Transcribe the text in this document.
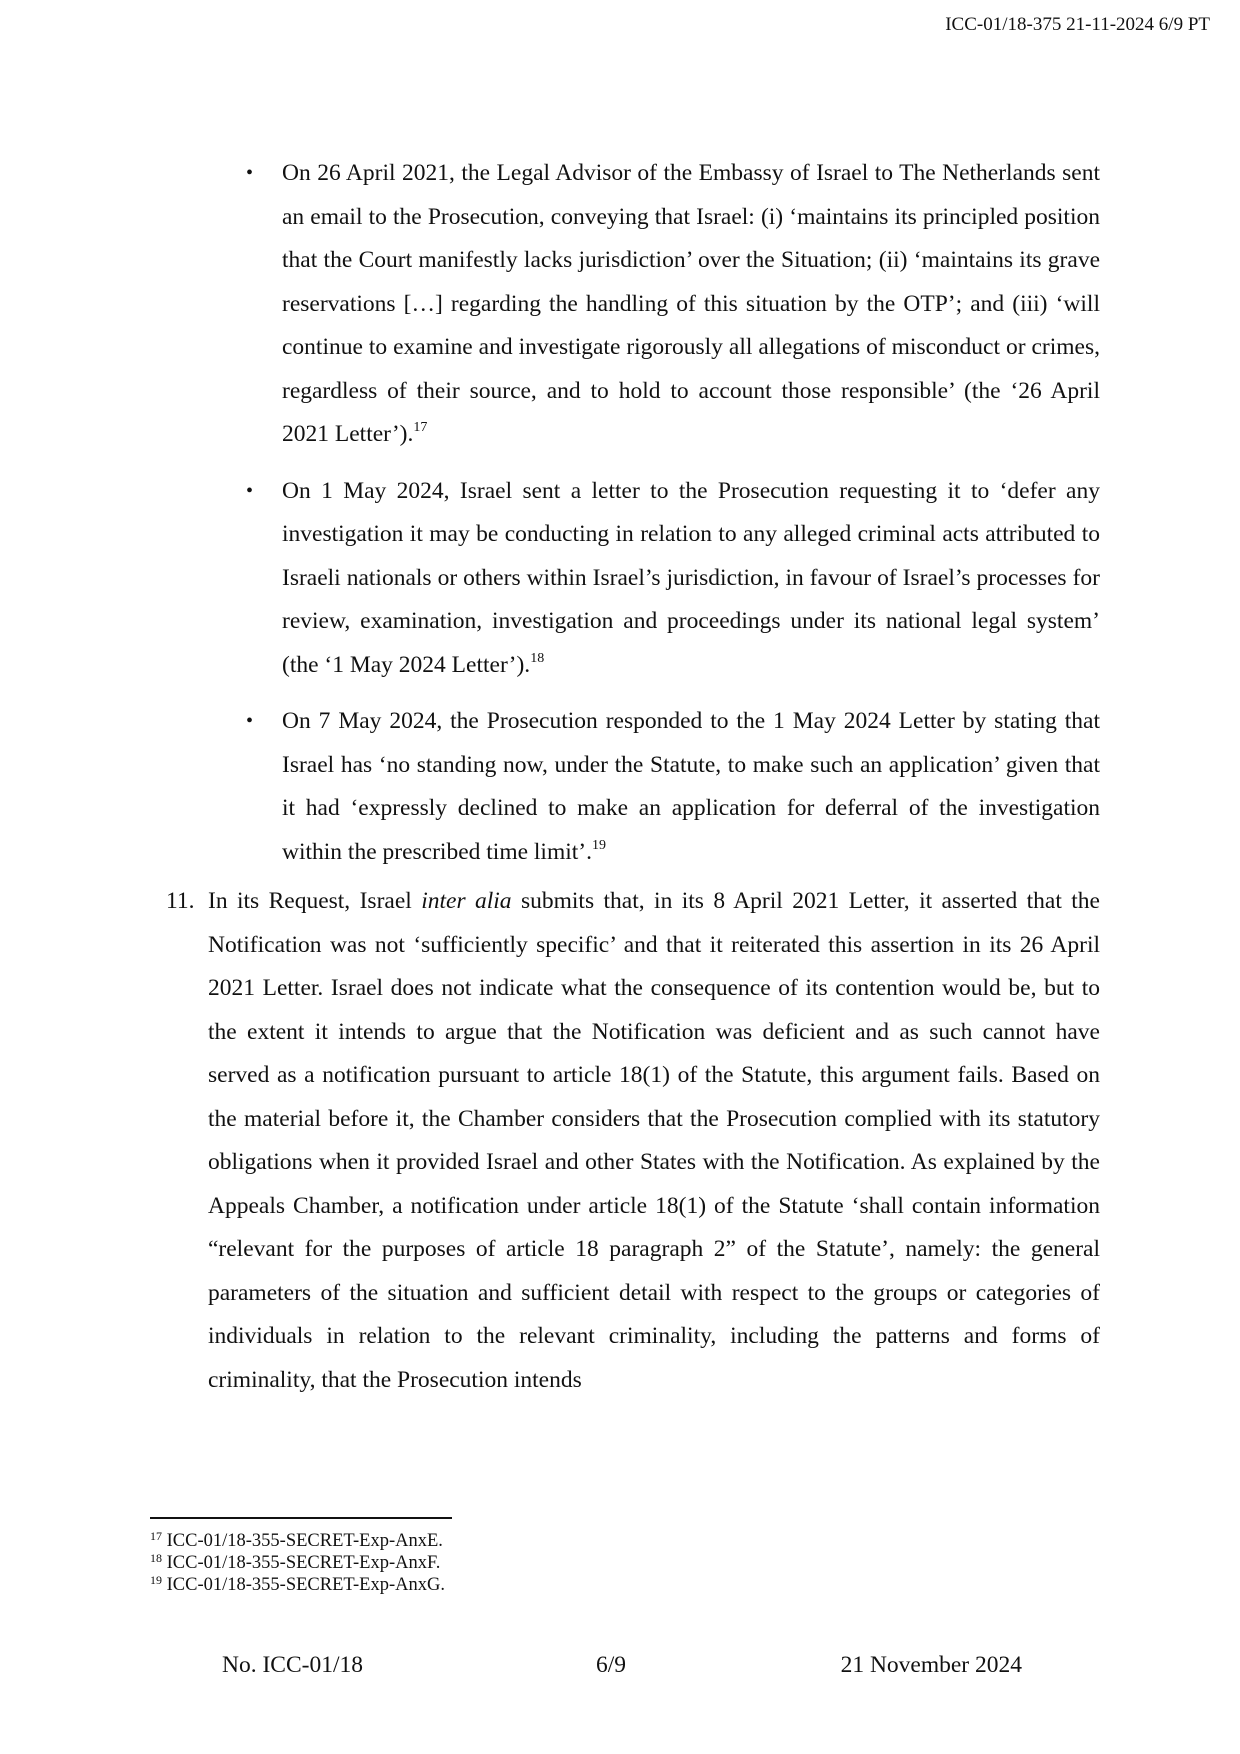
ICC-01/18-375 21-11-2024 6/9 PT
• On 26 April 2021, the Legal Advisor of the Embassy of Israel to The Netherlands sent an email to the Prosecution, conveying that Israel: (i) ‘maintains its principled position that the Court manifestly lacks jurisdiction’ over the Situation; (ii) ‘maintains its grave reservations […] regarding the handling of this situation by the OTP’; and (iii) ‘will continue to examine and investigate rigorously all allegations of misconduct or crimes, regardless of their source, and to hold to account those responsible’ (the ‘26 April 2021 Letter’).$^{17}$
• On 1 May 2024, Israel sent a letter to the Prosecution requesting it to ‘defer any investigation it may be conducting in relation to any alleged criminal acts attributed to Israeli nationals or others within Israel’s jurisdiction, in favour of Israel’s processes for review, examination, investigation and proceedings under its national legal system’ (the ‘1 May 2024 Letter’).$^{18}$
• On 7 May 2024, the Prosecution responded to the 1 May 2024 Letter by stating that Israel has ‘no standing now, under the Statute, to make such an application’ given that it had ‘expressly declined to make an application for deferral of the investigation within the prescribed time limit’.$^{19}$
11. In its Request, Israel inter alia submits that, in its 8 April 2021 Letter, it asserted that the Notification was not ‘sufficiently specific’ and that it reiterated this assertion in its 26 April 2021 Letter. Israel does not indicate what the consequence of its contention would be, but to the extent it intends to argue that the Notification was deficient and as such cannot have served as a notification pursuant to article 18(1) of the Statute, this argument fails. Based on the material before it, the Chamber considers that the Prosecution complied with its statutory obligations when it provided Israel and other States with the Notification. As explained by the Appeals Chamber, a notification under article 18(1) of the Statute ‘shall contain information “relevant for the purposes of article 18 paragraph 2” of the Statute’, namely: the general parameters of the situation and sufficient detail with respect to the groups or categories of individuals in relation to the relevant criminality, including the patterns and forms of criminality, that the Prosecution intends
$^{17}$ ICC-01/18-355-SECRET-Exp-AnxE.
$^{18}$ ICC-01/18-355-SECRET-Exp-AnxF.
$^{19}$ ICC-01/18-355-SECRET-Exp-AnxG.
No. ICC-01/18	6/9	21 November 2024
